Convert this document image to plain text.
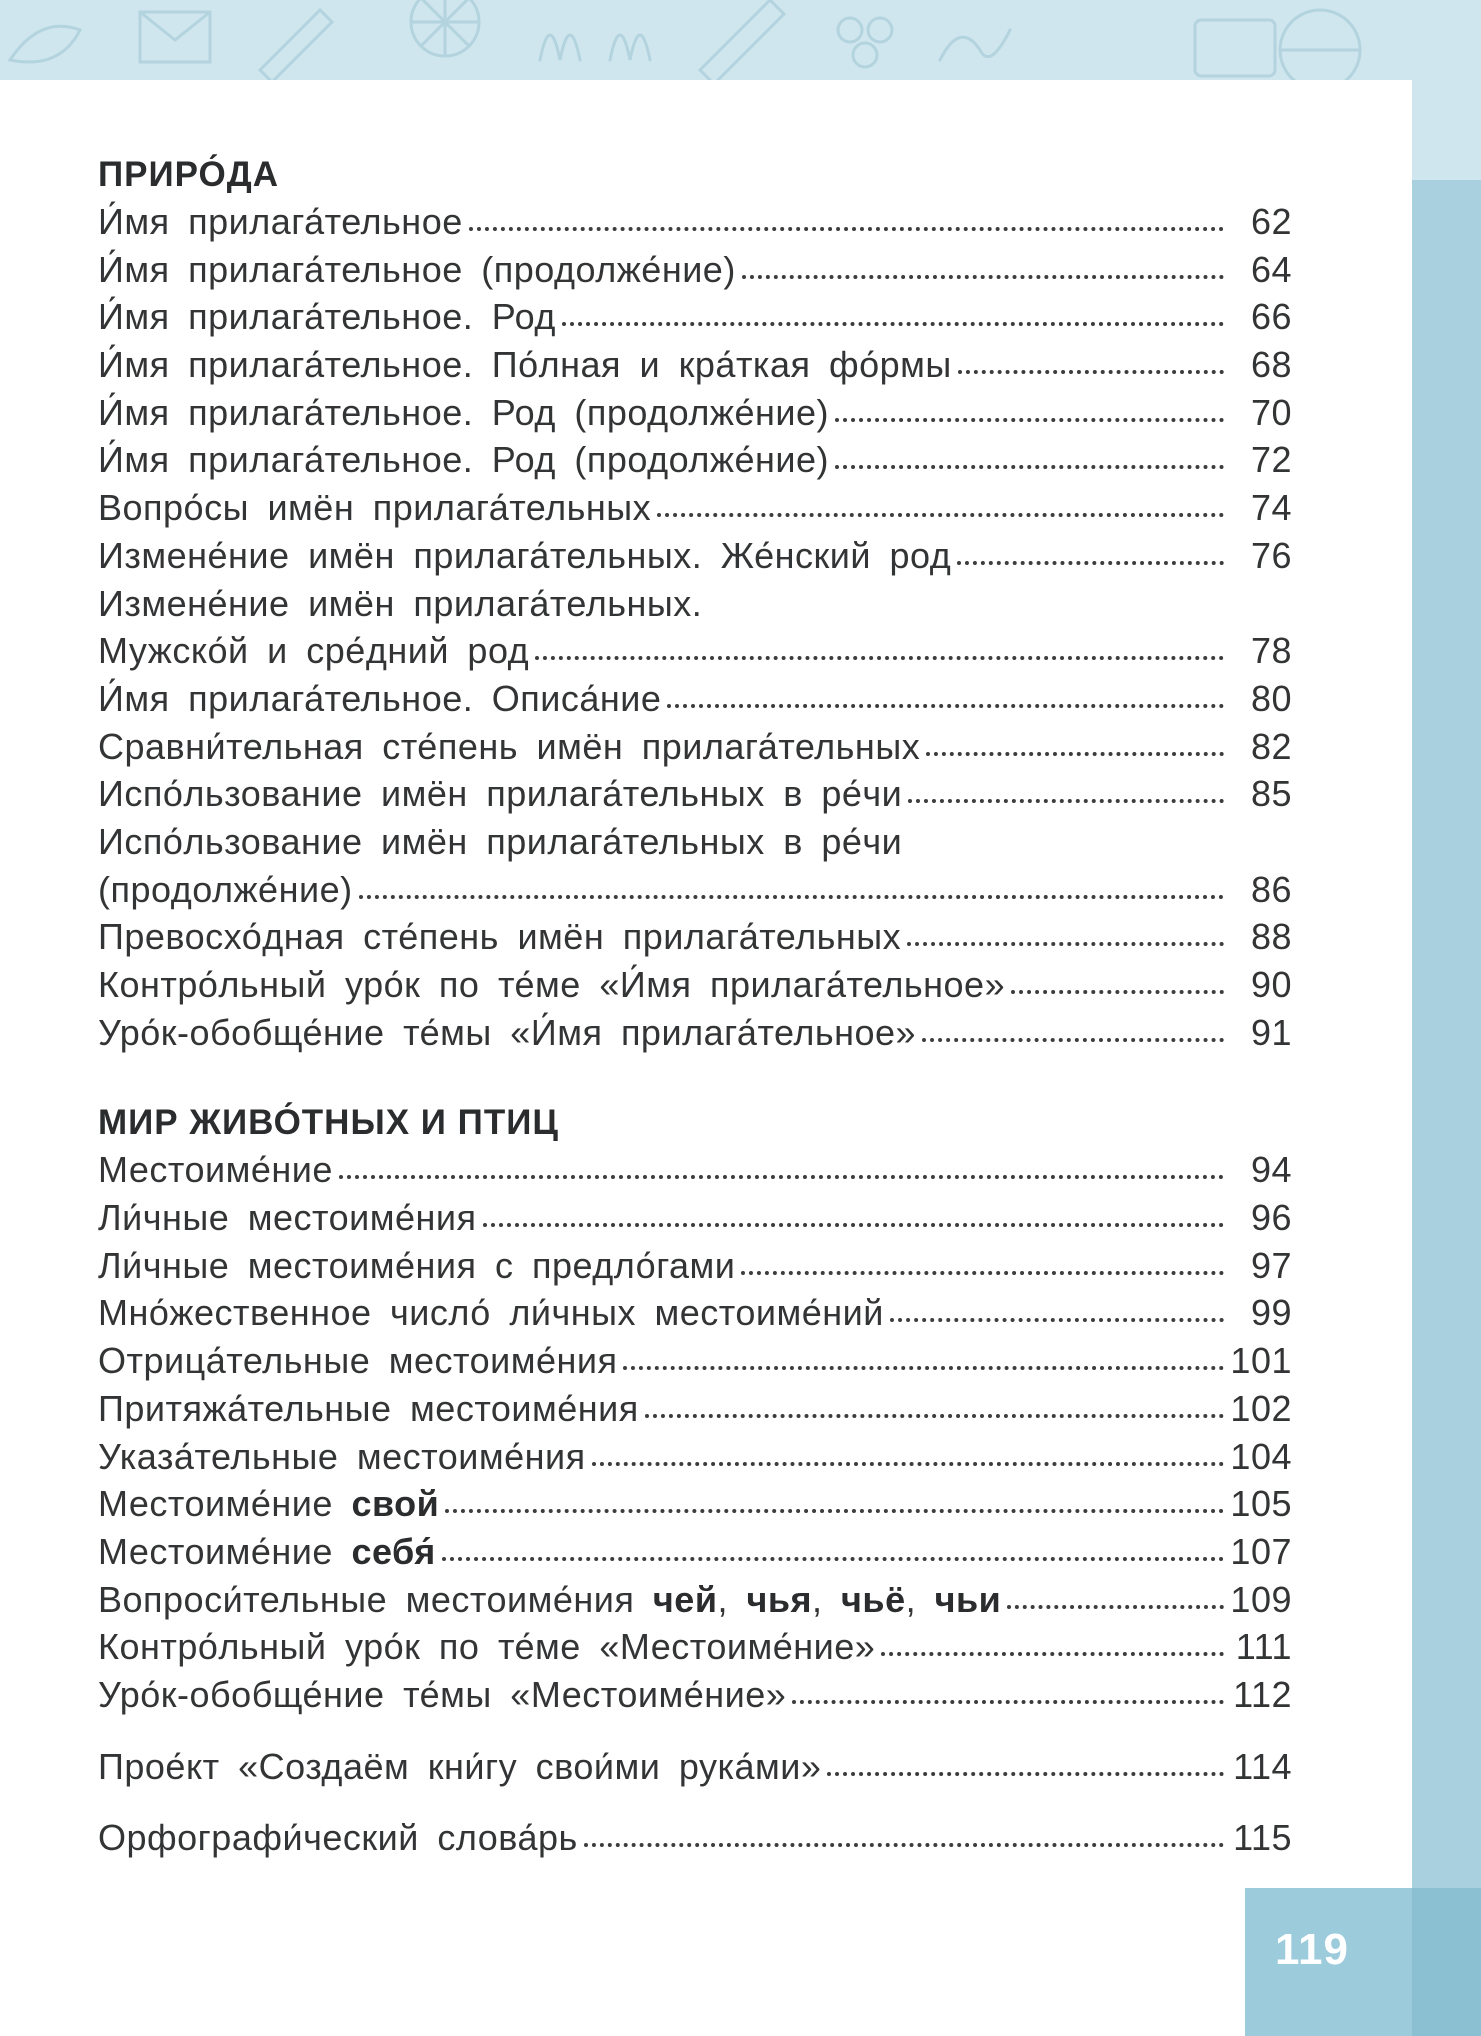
ПРИРО́ДА
И́мя прилага́тельное	62
И́мя прилага́тельное (продолже́ние)	64
И́мя прилага́тельное. Род	66
И́мя прилага́тельное. По́лная и кра́ткая фо́рмы	68
И́мя прилага́тельное. Род (продолже́ние)	70
И́мя прилага́тельное. Род (продолже́ние)	72
Вопро́сы имён прилага́тельных	74
Измене́ние имён прилага́тельных. Же́нский род	76
Измене́ние имён прилага́тельных.
Мужско́й и сре́дний род	78
И́мя прилага́тельное. Описа́ние	80
Сравни́тельная сте́пень имён прилага́тельных	82
Испо́льзование имён прилага́тельных в ре́чи	85
Испо́льзование имён прилага́тельных в ре́чи
(продолже́ние)	86
Превосхо́дная сте́пень имён прилага́тельных	88
Контро́льный уро́к по те́ме «И́мя прилага́тельное»	90
Уро́к-обобще́ние те́мы «И́мя прилага́тельное»	91
МИР ЖИВО́ТНЫХ И ПТИЦ
Местоиме́ние	94
Ли́чные местоиме́ния	96
Ли́чные местоиме́ния с предло́гами	97
Мно́жественное число́ ли́чных местоиме́ний	99
Отрица́тельные местоиме́ния	101
Притяжа́тельные местоиме́ния	102
Указа́тельные местоиме́ния	104
Местоиме́ние свой	105
Местоиме́ние себя́	107
Вопроси́тельные местоиме́ния чей, чья, чьё, чьи	109
Контро́льный уро́к по те́ме «Местоиме́ние»	111
Уро́к-обобще́ние те́мы «Местоиме́ние»	112
Прое́кт «Создаём кни́гу свои́ми рука́ми»	114
Орфографи́ческий слова́рь	115
119
